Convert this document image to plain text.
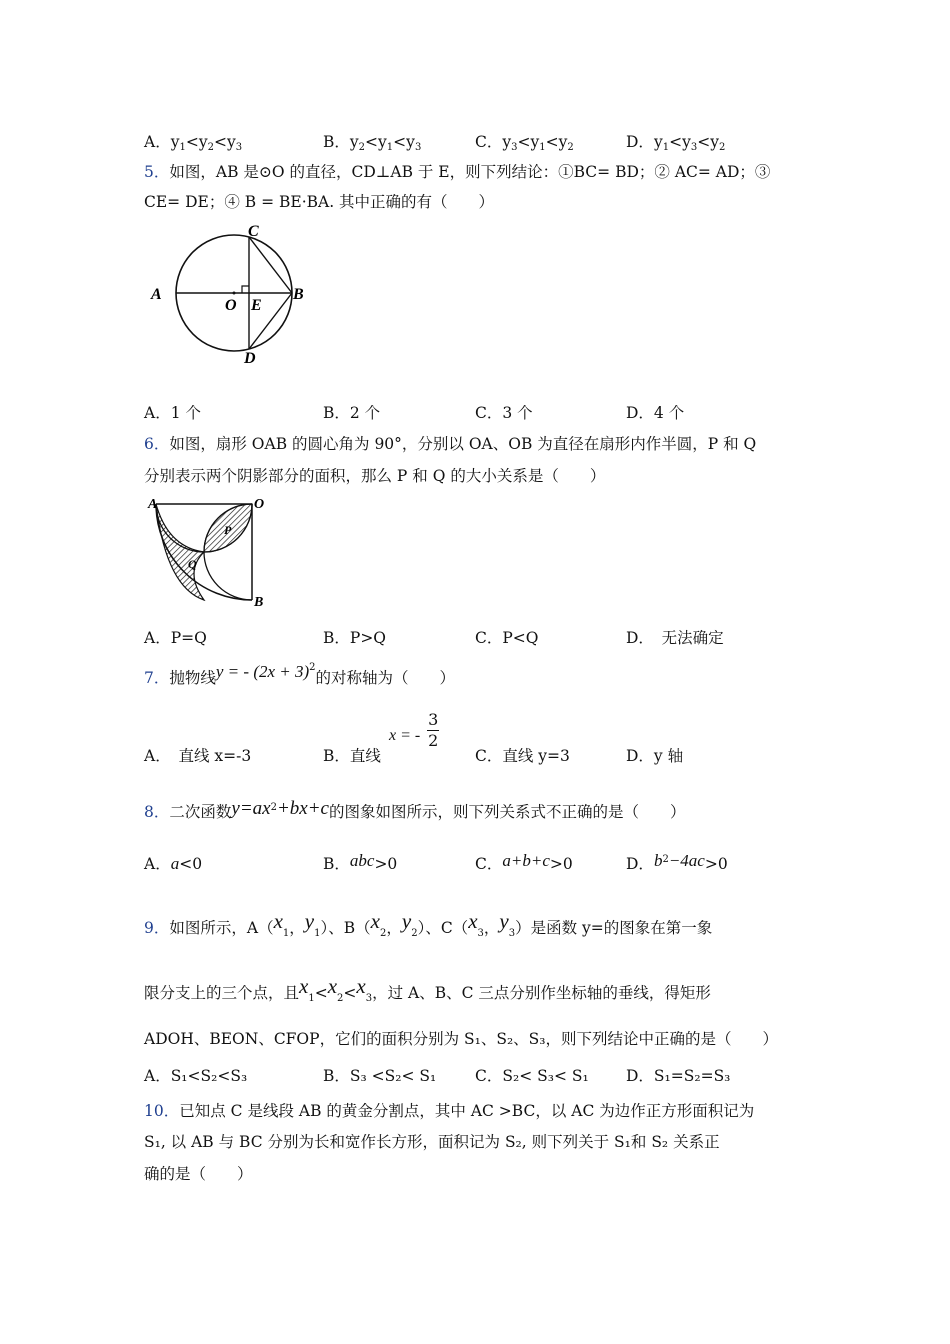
A．$y_1<y_2<y_3$	B．$y_2<y_1<y_3$	C．$y_3<y_1<y_2$	D．$y_1<y_3<y_2$
5．如图，AB 是⊙O 的直径，CD⊥AB 于 E，则下列结论：①BC= BD；② AC= AD；③
CE= DE；④ B = BE·BA. 其中正确的有（　　）
A
O E
B
C
D
A．1 个	B．2 个	C．3 个	D．4 个
6．如图，扇形 OAB 的圆心角为 90°，分别以 OA、OB 为直径在扇形内作半圆，P 和 Q
分别表示两个阴影部分的面积，那么 P 和 Q 的大小关系是（　　）
A	O
B
P
Q
A．P=Q	B．P>Q	C．P<Q	D．　无法确定
7．抛物线y = - $(2x + 3)^2$的对称轴为（　　）
A．　直线 x=-3	B．直线
x = - $\frac{3}{2}$
C．直线 y=3	D．y 轴
8．二次函数$y=ax^2+bx+c$的图象如图所示，则下列关系式不正确的是（　　）
A．a<0	B．abc>0	C．a+b+c>0	D．$b^2-4ac>0$
9．如图所示，$A(x_1$，$y_1$）、$B(x_2$，$y_2$）、$C(x_3$，$y_3$）是函数 y=的图象在第一象
限分支上的三个点，且$x_1<x_2<x_3$，过 A、B、C 三点分别作坐标轴的垂线，得矩形
ADOH、BEON、CFOP，它们的面积分别为 S₁、S₂、S₃，则下列结论中正确的是（　　）
A．S₁<S₂<S₃	B．S₃ <S₂< S₁	C．S₂< S₃< S₁ D．S₁=S₂=S₃
10．已知点 C 是线段 AB 的黄金分割点，其中 AC >BC，以 AC 为边作正方形面积记为
S₁, 以 AB 与 BC 分别为长和宽作长方形，面积记为 S₂, 则下列关于 S₁和 S₂ 关系正
确的是（　　）
